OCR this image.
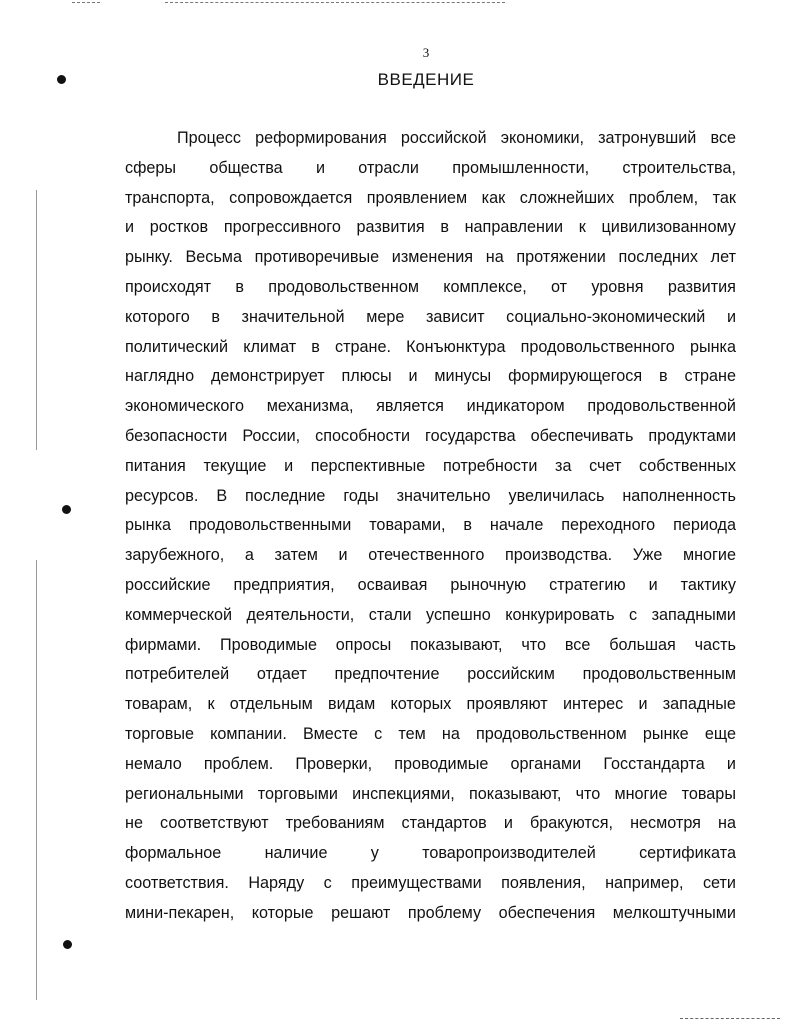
3
ВВЕДЕНИЕ
Процесс реформирования российской экономики, затронувший все
сферы общества и отрасли промышленности, строительства,
транспорта, сопровождается проявлением как сложнейших проблем, так
и ростков прогрессивного развития в направлении к цивилизованному
рынку. Весьма противоречивые изменения на протяжении последних лет
происходят в продовольственном комплексе, от уровня развития
которого в значительной мере зависит социально-экономический и
политический климат в стране. Конъюнктура продовольственного рынка
наглядно демонстрирует плюсы и минусы формирующегося в стране
экономического механизма, является индикатором продовольственной
безопасности России, способности государства обеспечивать продуктами
питания текущие и перспективные потребности за счет собственных
ресурсов. В последние годы значительно увеличилась наполненность
рынка продовольственными товарами, в начале переходного периода
зарубежного, а затем и отечественного производства. Уже многие
российские предприятия, осваивая рыночную стратегию и тактику
коммерческой деятельности, стали успешно конкурировать с западными
фирмами. Проводимые опросы показывают, что все большая часть
потребителей отдает предпочтение российским продовольственным
товарам, к отдельным видам которых проявляют интерес и западные
торговые компании. Вместе с тем на продовольственном рынке еще
немало проблем. Проверки, проводимые органами Госстандарта и
региональными торговыми инспекциями, показывают, что многие товары
не соответствуют требованиям стандартов и бракуются, несмотря на
формальное	наличие	у	товаропроизводителей	сертификата
соответствия. Наряду с преимуществами появления, например, сети
мини-пекарен, которые решают проблему обеспечения мелкоштучными
